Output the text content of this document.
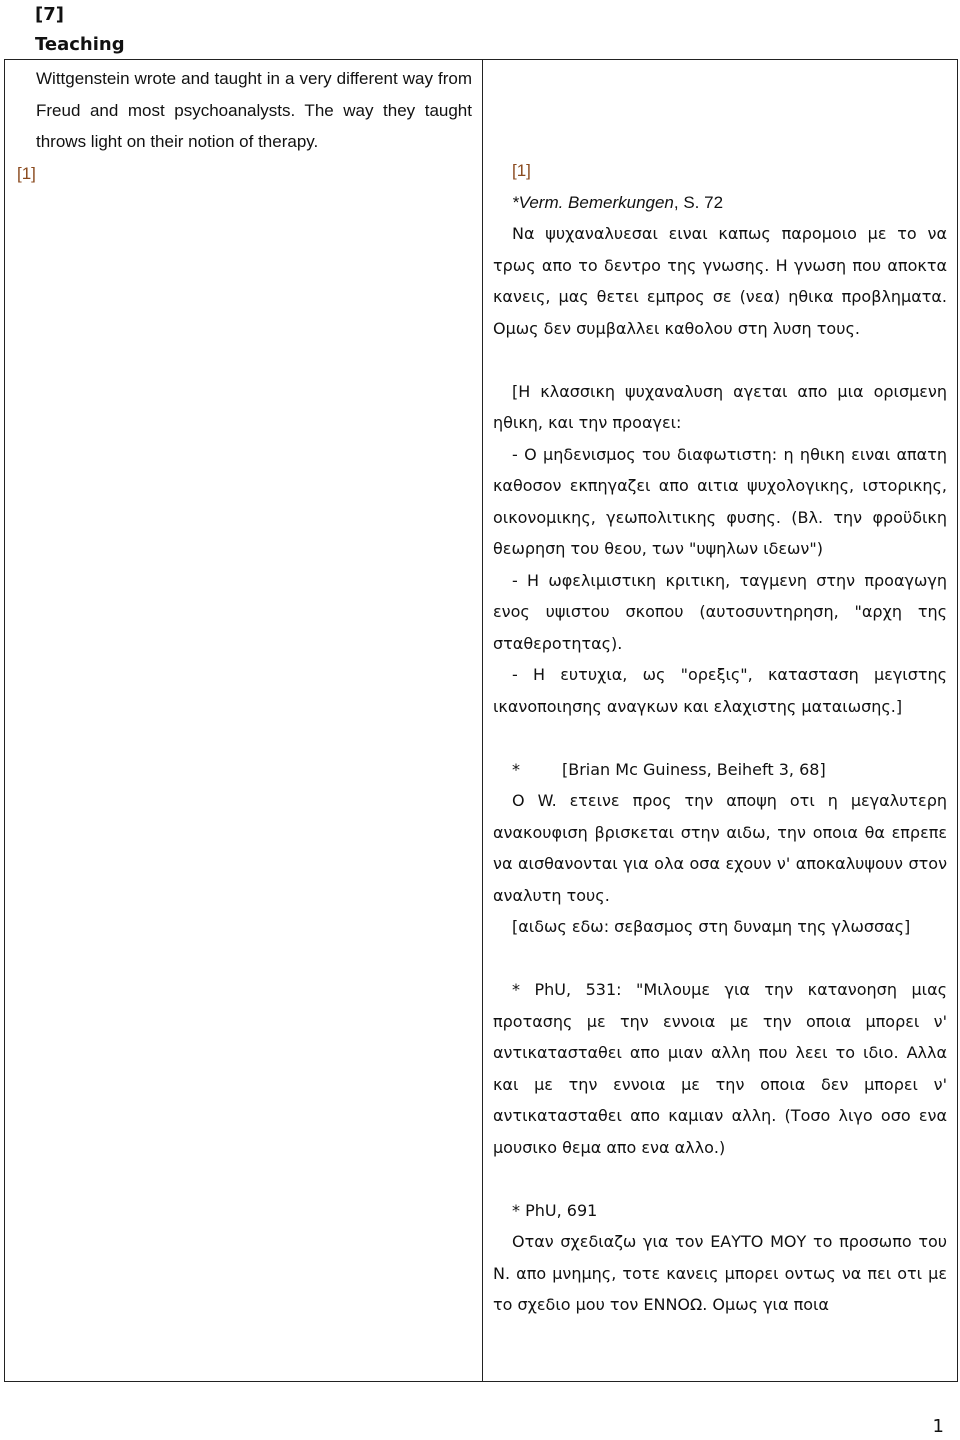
[7]
Teaching
Wittgenstein wrote and taught in a very different way from Freud and most psychoanalysts. The way they taught throws light on their notion of therapy.
[1]	[1]

*Verm. Bemerkungen, S. 72

Να ψυχαναλυεσαι ειναι καπως παρομοιο με το να τρως απο το δεντρο της γνωσης. Η γνωση που αποκτα κανεις, μας θετει εμπρος σε (νεα) ηθικα προβληματα. Ομως δεν συμβαλλει καθολου στη λυση τους.

[Η κλασσικη ψυχαναλυση αγεται απο μια ορισμενη ηθικη, και την προαγει:

- Ο μηδενισμος του διαφωτιστη: η ηθικη ειναι απατη καθοσον εκπηγαζει απο αιτια ψυχολογικης, ιστορικης, οικονομικης, γεωπολιτικης φυσης. (Βλ. την φροϋδικη θεωρηση του θεου, των "υψηλων ιδεων")

- Η ωφελιμιστικη κριτικη, ταγμενη στην προαγωγη ενος υψιστου σκοπου (αυτοσυντηρηση, "αρχη της σταθεροτητας).

- Η ευτυχια, ως "ορεξις", κατασταση μεγιστης ικανοποιησης αναγκων και ελαχιστης ματαιωσης.]

*	[Brian Mc Guiness, Beiheft 3, 68]

Ο W. ετεινε προς την αποψη οτι η μεγαλυτερη ανακουφιση βρισκεται στην αιδω, την οποια θα επρεπε να αισθανονται για ολα οσα εχουν ν' αποκαλυψουν στον αναλυτη τους.

[αιδως εδω: σεβασμος στη δυναμη της γλωσσας]

* PhU, 531: "Μιλουμε για την κατανοηση μιας προτασης με την εννοια με την οποια μπορει ν' αντικατασταθει απο μιαν αλλη που λεει το ιδιο. Αλλα και με την εννοια με την οποια δεν μπορει ν' αντικατασταθει απο καμιαν αλλη. (Τοσο λιγο οσο ενα μουσικο θεμα απο ενα αλλο.)

* PhU, 691

Οταν σχεδιαζω για τον ΕΑΥΤΟ ΜΟΥ το προσωπο του Ν. απο μνημης, τοτε κανεις μπορει οντως να πει οτι με το σχεδιο μου τον ΕΝΝΟΩ. Ομως για ποια

1
